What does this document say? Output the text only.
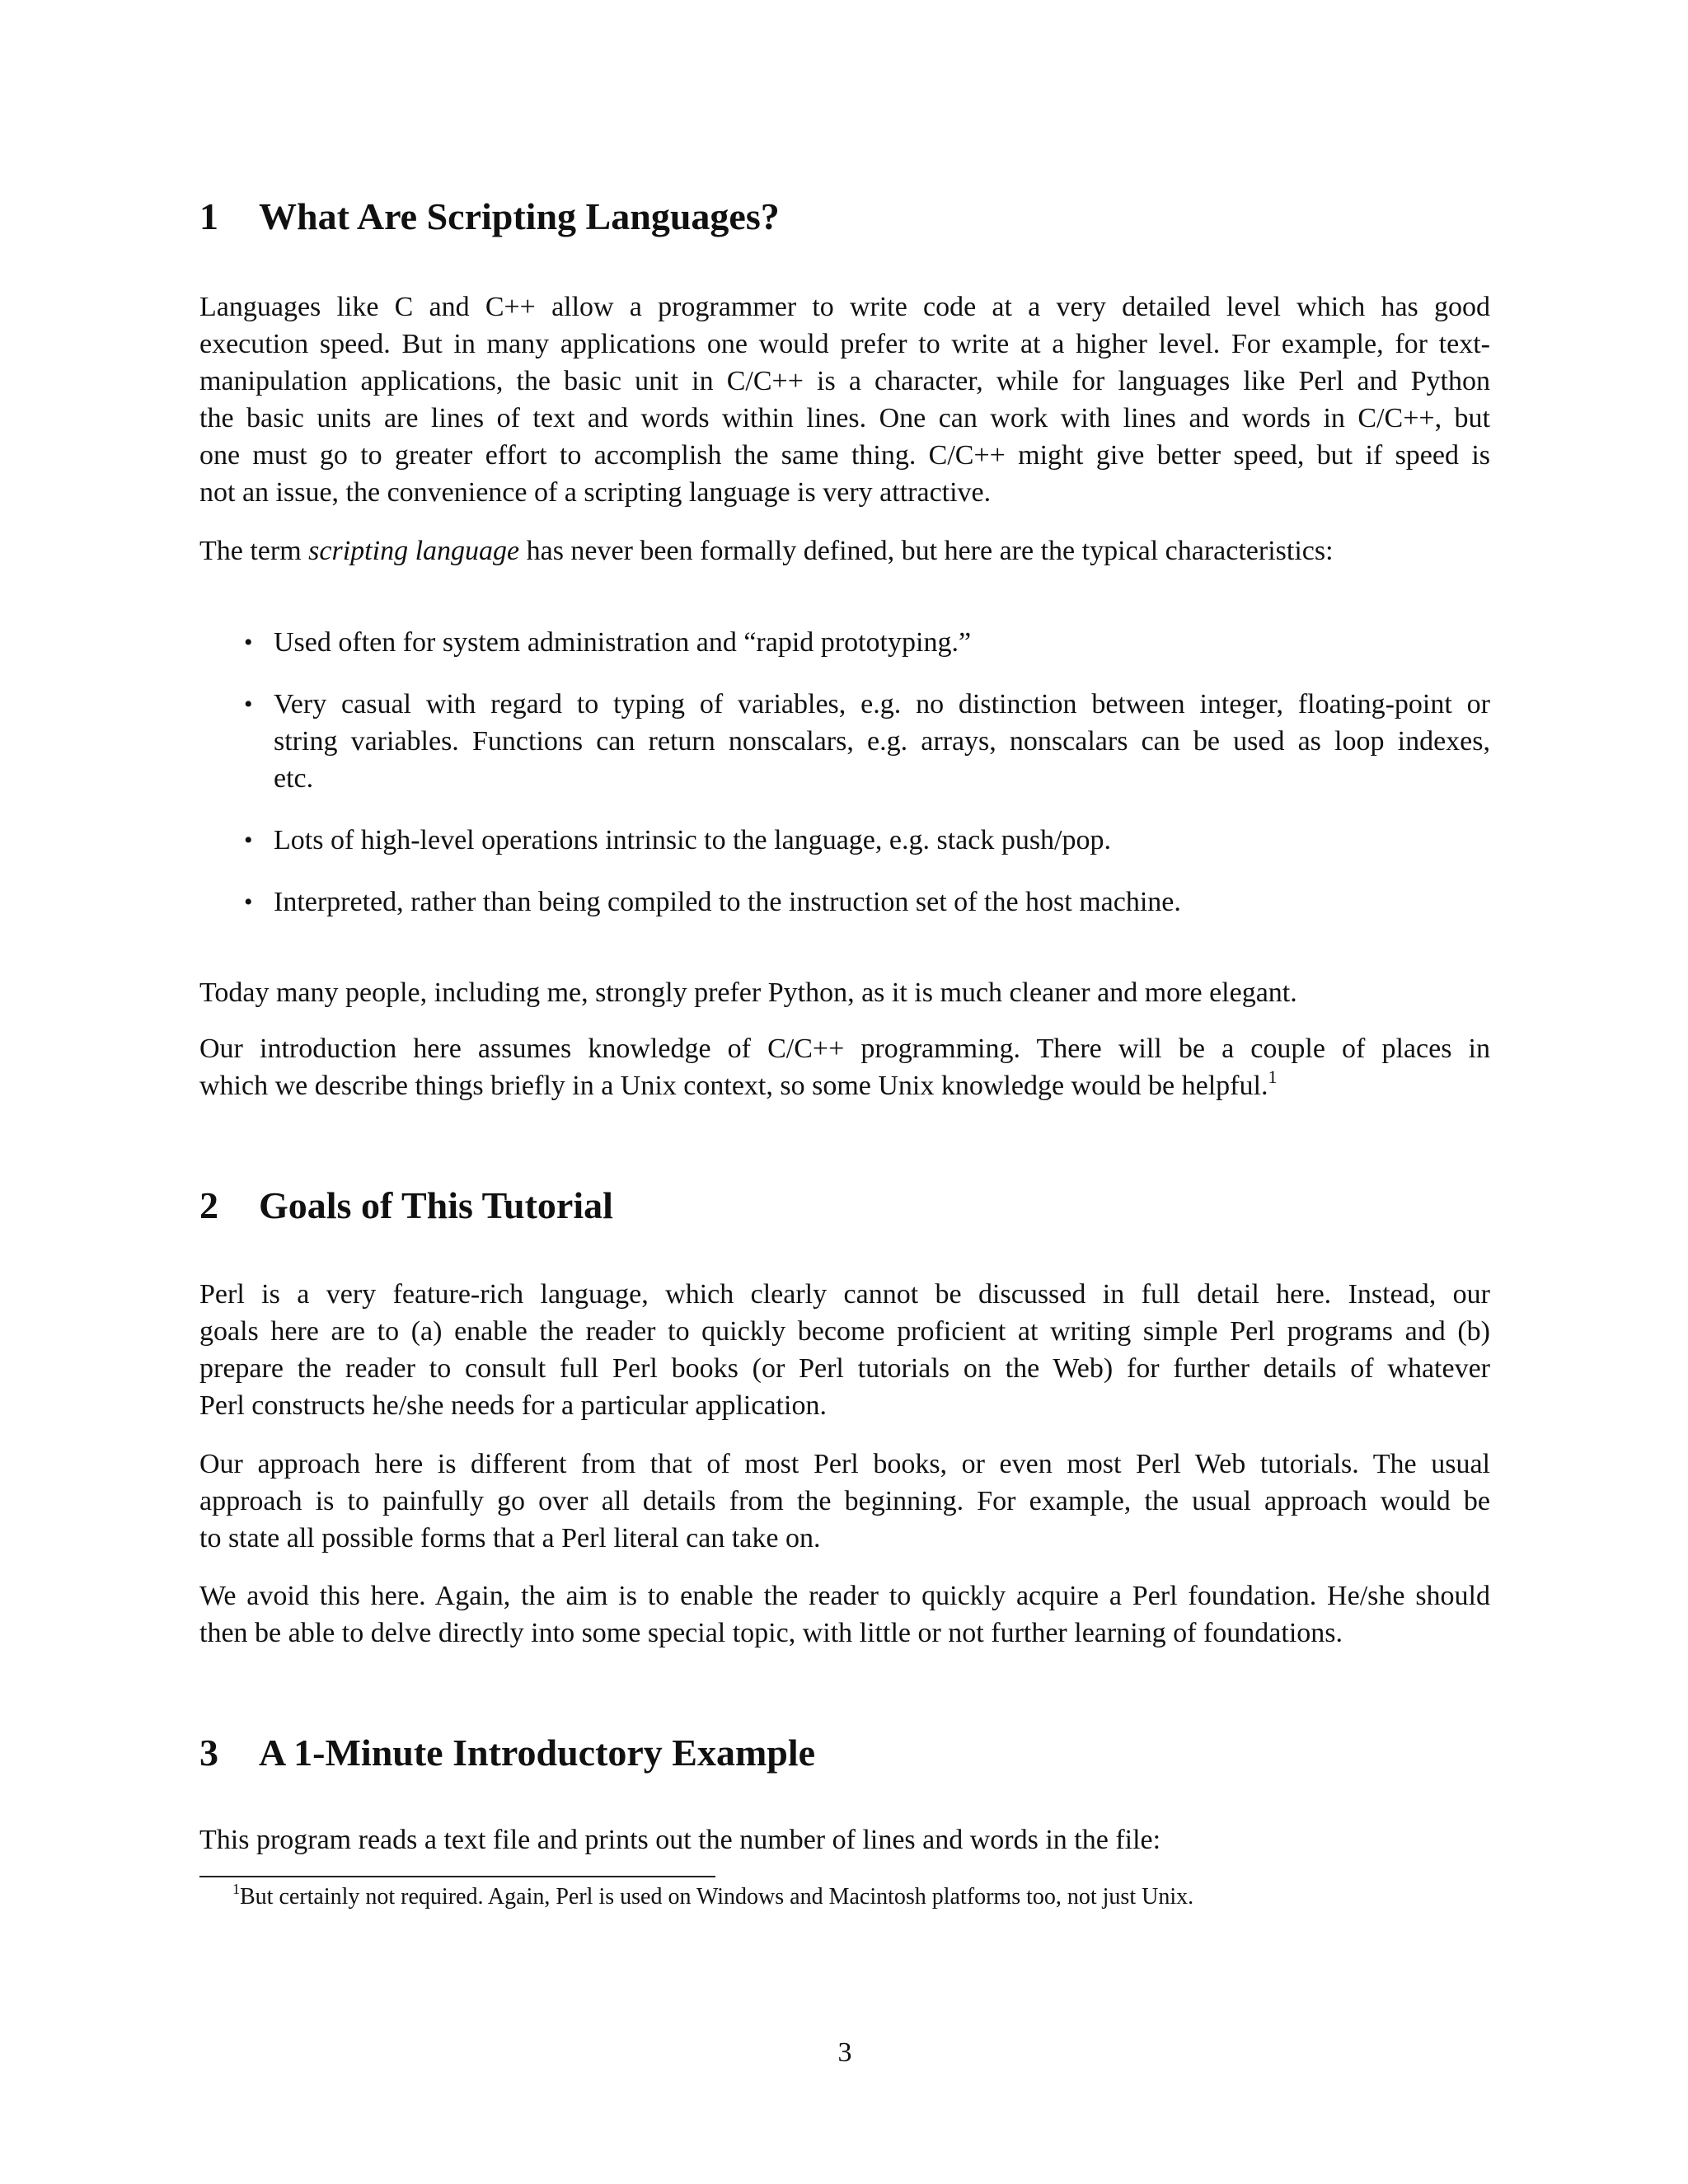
1 What Are Scripting Languages?
Languages like C and C++ allow a programmer to write code at a very detailed level which has good
execution speed. But in many applications one would prefer to write at a higher level. For example, for text-
manipulation applications, the basic unit in C/C++ is a character, while for languages like Perl and Python
the basic units are lines of text and words within lines. One can work with lines and words in C/C++, but
one must go to greater effort to accomplish the same thing. C/C++ might give better speed, but if speed is
not an issue, the convenience of a scripting language is very attractive.
The term scripting language has never been formally defined, but here are the typical characteristics:
• Used often for system administration and “rapid prototyping.”
• Very casual with regard to typing of variables, e.g. no distinction between integer, floating-point or
string variables. Functions can return nonscalars, e.g. arrays, nonscalars can be used as loop indexes,
etc.
• Lots of high-level operations intrinsic to the language, e.g. stack push/pop.
• Interpreted, rather than being compiled to the instruction set of the host machine.
Today many people, including me, strongly prefer Python, as it is much cleaner and more elegant.
Our introduction here assumes knowledge of C/C++ programming. There will be a couple of places in
which we describe things briefly in a Unix context, so some Unix knowledge would be helpful.$^1$
2 Goals of This Tutorial
Perl is a very feature-rich language, which clearly cannot be discussed in full detail here. Instead, our
goals here are to (a) enable the reader to quickly become proficient at writing simple Perl programs and (b)
prepare the reader to consult full Perl books (or Perl tutorials on the Web) for further details of whatever
Perl constructs he/she needs for a particular application.
Our approach here is different from that of most Perl books, or even most Perl Web tutorials. The usual
approach is to painfully go over all details from the beginning. For example, the usual approach would be
to state all possible forms that a Perl literal can take on.
We avoid this here. Again, the aim is to enable the reader to quickly acquire a Perl foundation. He/she should
then be able to delve directly into some special topic, with little or not further learning of foundations.
3 A 1-Minute Introductory Example
This program reads a text file and prints out the number of lines and words in the file:
$^1$But certainly not required. Again, Perl is used on Windows and Macintosh platforms too, not just Unix.
3
